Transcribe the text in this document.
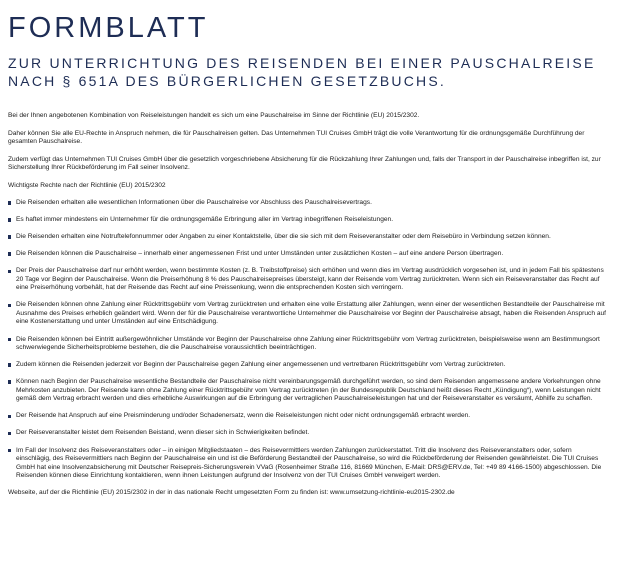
FORMBLATT
ZUR UNTERRICHTUNG DES REISENDEN BEI EINER PAUSCHALREISE
NACH § 651A DES BÜRGERLICHEN GESETZBUCHS.

Bei der Ihnen angebotenen Kombination von Reiseleistungen handelt es sich um eine Pauschalreise im Sinne der Richtlinie (EU) 2015/2302.

Daher können Sie alle EU-Rechte in Anspruch nehmen, die für Pauschalreisen gelten. Das Unternehmen TUI Cruises GmbH trägt die volle Verantwortung für die ordnungsgemäße Durchführung der gesamten Pauschalreise.

Zudem verfügt das Unternehmen TUI Cruises GmbH über die gesetzlich vorgeschriebene Absicherung für die Rückzahlung Ihrer Zahlungen und, falls der Transport in der Pauschalreise inbegriffen ist, zur Sicherstellung Ihrer Rückbeförderung im Fall seiner Insolvenz.

Wichtigste Rechte nach der Richtlinie (EU) 2015/2302

Die Reisenden erhalten alle wesentlichen Informationen über die Pauschalreise vor Abschluss des Pauschalreisevertrags.
Es haftet immer mindestens ein Unternehmer für die ordnungsgemäße Erbringung aller im Vertrag inbegriffenen Reiseleistungen.
Die Reisenden erhalten eine Notruftelefonnummer oder Angaben zu einer Kontaktstelle, über die sie sich mit dem Reiseveranstalter oder dem Reisebüro in Verbindung setzen können.
Die Reisenden können die Pauschalreise – innerhalb einer angemessenen Frist und unter Umständen unter zusätzlichen Kosten – auf eine andere Person übertragen.
Der Preis der Pauschalreise darf nur erhöht werden, wenn bestimmte Kosten (z. B. Treibstoffpreise) sich erhöhen und wenn dies im Vertrag ausdrücklich vorgesehen ist, und in jedem Fall bis spätestens 20 Tage vor Beginn der Pauschalreise. Wenn die Preiserhöhung 8 % des Pauschalreisepreises übersteigt, kann der Reisende vom Vertrag zurücktreten. Wenn sich ein Reiseveranstalter das Recht auf eine Preiserhöhung vorbehält, hat der Reisende das Recht auf eine Preissenkung, wenn die entsprechenden Kosten sich verringern.
Die Reisenden können ohne Zahlung einer Rücktrittsgebühr vom Vertrag zurücktreten und erhalten eine volle Erstattung aller Zahlungen, wenn einer der wesentlichen Bestandteile der Pauschalreise mit Ausnahme des Preises erheblich geändert wird. Wenn der für die Pauschalreise verantwortliche Unternehmer die Pauschalreise vor Beginn der Pauschalreise absagt, haben die Reisenden Anspruch auf eine Kostenerstattung und unter Umständen auf eine Entschädigung.
Die Reisenden können bei Eintritt außergewöhnlicher Umstände vor Beginn der Pauschalreise ohne Zahlung einer Rücktrittsgebühr vom Vertrag zurücktreten, beispielsweise wenn am Bestimmungsort schwerwiegende Sicherheitsprobleme bestehen, die die Pauschalreise voraussichtlich beeinträchtigen.
Zudem können die Reisenden jederzeit vor Beginn der Pauschalreise gegen Zahlung einer angemessenen und vertretbaren Rücktrittsgebühr vom Vertrag zurücktreten.
Können nach Beginn der Pauschalreise wesentliche Bestandteile der Pauschalreise nicht vereinbarungsgemäß durchgeführt werden, so sind dem Reisenden angemessene andere Vorkehrungen ohne Mehrkosten anzubieten. Der Reisende kann ohne Zahlung einer Rücktrittsgebühr vom Vertrag zurücktreten (in der Bundesrepublik Deutschland heißt dieses Recht „Kündigung“), wenn Leistungen nicht gemäß dem Vertrag erbracht werden und dies erhebliche Auswirkungen auf die Erbringung der vertraglichen Pauschalreiseleistungen hat und der Reiseveranstalter es versäumt, Abhilfe zu schaffen.
Der Reisende hat Anspruch auf eine Preisminderung und/oder Schadenersatz, wenn die Reiseleistungen nicht oder nicht ordnungsgemäß erbracht werden.
Der Reiseveranstalter leistet dem Reisenden Beistand, wenn dieser sich in Schwierigkeiten befindet.
Im Fall der Insolvenz des Reiseveranstalters oder – in einigen Mitgliedstaaten – des Reisevermittlers werden Zahlungen zurückerstattet. Tritt die Insolvenz des Reiseveranstalters oder, sofern einschlägig, des Reisevermittlers nach Beginn der Pauschalreise ein und ist die Beförderung Bestandteil der Pauschalreise, so wird die Rückbeförderung der Reisenden gewährleistet. Die TUI Cruises GmbH hat eine Insolvenzabsicherung mit Deutscher Reisepreis-Sicherungsverein VVaG (Rosenheimer Straße 116, 81669 München, E-Mail: DRS@ERV.de, Tel: +49 89 4166-1500) abgeschlossen. Die Reisenden können diese Einrichtung kontaktieren, wenn ihnen Leistungen aufgrund der Insolvenz von der TUI Cruises GmbH verweigert werden.

Webseite, auf der die Richtlinie (EU) 2015/2302 in der in das nationale Recht umgesetzten Form zu finden ist: www.umsetzung-richtlinie-eu2015-2302.de
